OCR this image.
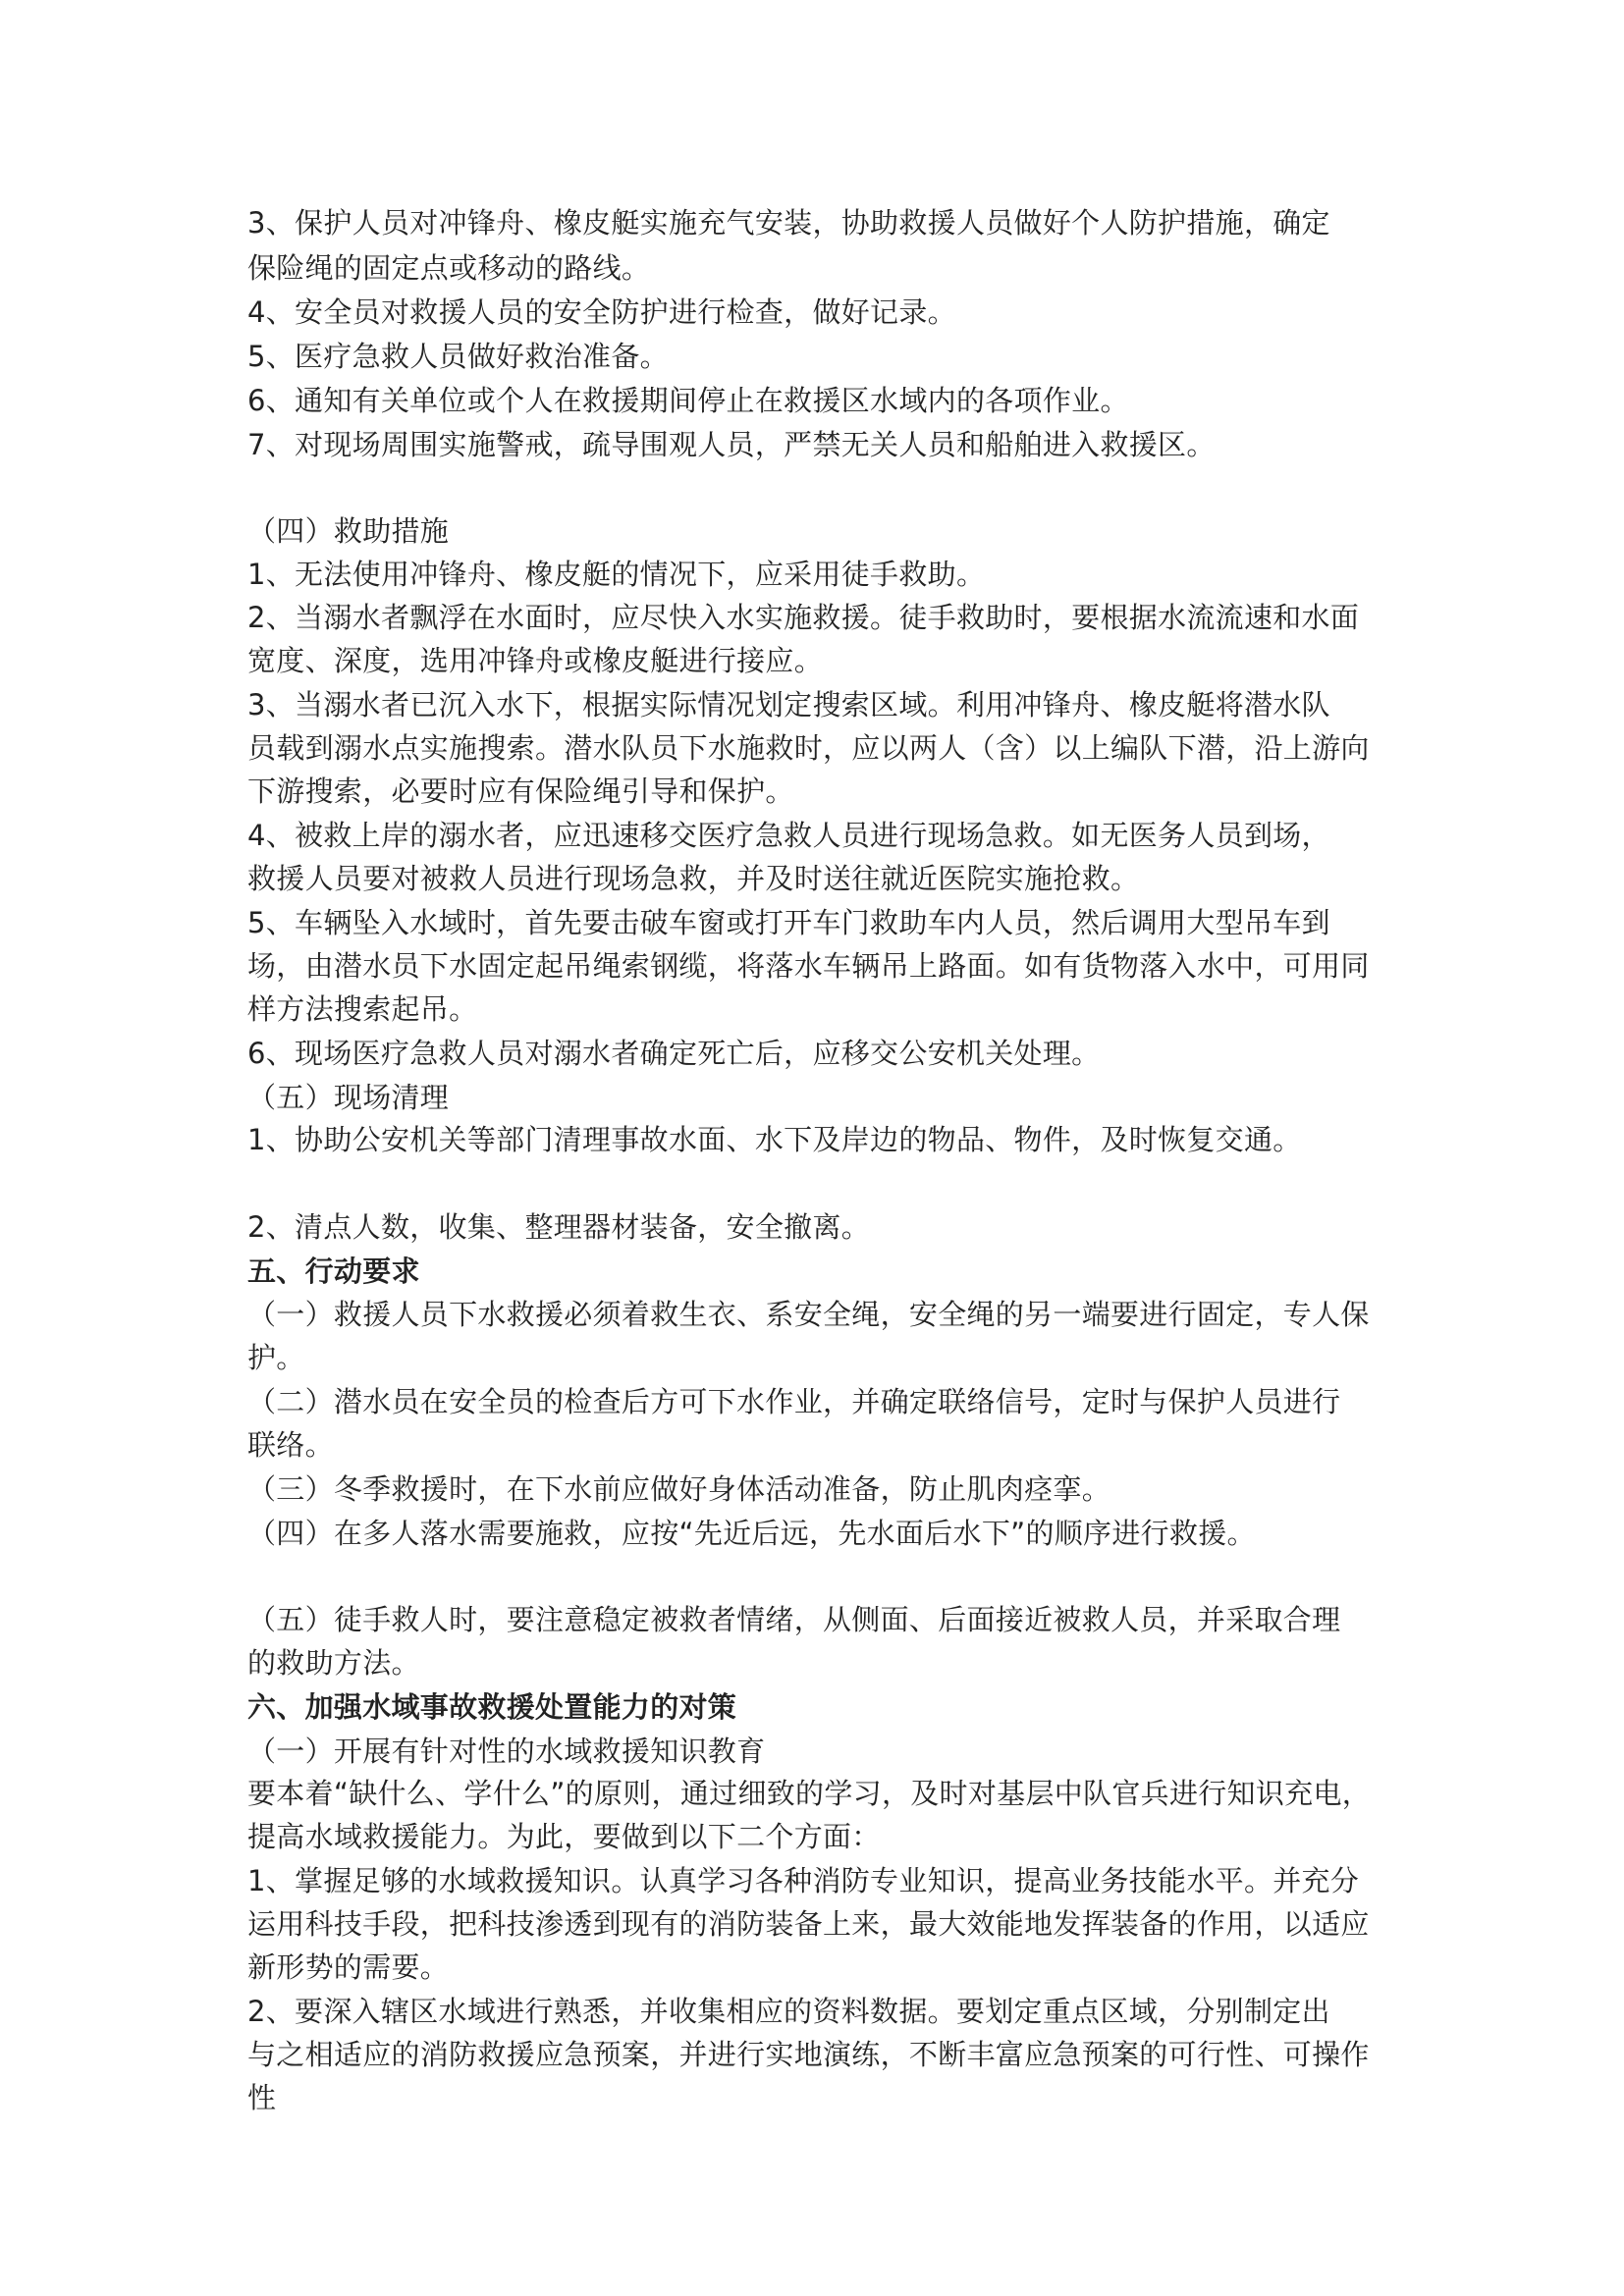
3、保护人员对冲锋舟、橡皮艇实施充气安装，协助救援人员做好个人防护措施，确定

保险绳的固定点或移动的路线。

4、安全员对救援人员的安全防护进行检查，做好记录。

5、医疗急救人员做好救治准备。

6、通知有关单位或个人在救援期间停止在救援区水域内的各项作业。

7、对现场周围实施警戒，疏导围观人员，严禁无关人员和船舶进入救援区。

（四）救助措施

1、无法使用冲锋舟、橡皮艇的情况下，应采用徒手救助。

2、当溺水者飘浮在水面时，应尽快入水实施救援。徒手救助时，要根据水流流速和水面

宽度、深度，选用冲锋舟或橡皮艇进行接应。

3、当溺水者已沉入水下，根据实际情况划定搜索区域。利用冲锋舟、橡皮艇将潜水队

员载到溺水点实施搜索。潜水队员下水施救时，应以两人（含）以上编队下潜，沿上游向

下游搜索，必要时应有保险绳引导和保护。

4、被救上岸的溺水者，应迅速移交医疗急救人员进行现场急救。如无医务人员到场，

救援人员要对被救人员进行现场急救，并及时送往就近医院实施抢救。

5、车辆坠入水域时，首先要击破车窗或打开车门救助车内人员，然后调用大型吊车到

场，由潜水员下水固定起吊绳索钢缆，将落水车辆吊上路面。如有货物落入水中，可用同

样方法搜索起吊。

6、现场医疗急救人员对溺水者确定死亡后，应移交公安机关处理。

（五）现场清理

1、协助公安机关等部门清理事故水面、水下及岸边的物品、物件，及时恢复交通。

2、清点人数，收集、整理器材装备，安全撤离。

五、行动要求

（一）救援人员下水救援必须着救生衣、系安全绳，安全绳的另一端要进行固定，专人保

护。

（二）潜水员在安全员的检查后方可下水作业，并确定联络信号，定时与保护人员进行

联络。

（三）冬季救援时，在下水前应做好身体活动准备，防止肌肉痉挛。

（四）在多人落水需要施救，应按“先近后远，先水面后水下”的顺序进行救援。

（五）徒手救人时，要注意稳定被救者情绪，从侧面、后面接近被救人员，并采取合理

的救助方法。

六、加强水域事故救援处置能力的对策

（一）开展有针对性的水域救援知识教育

要本着“缺什么、学什么”的原则，通过细致的学习，及时对基层中队官兵进行知识充电，

提高水域救援能力。为此，要做到以下二个方面：

1、掌握足够的水域救援知识。认真学习各种消防专业知识，提高业务技能水平。并充分

运用科技手段，把科技渗透到现有的消防装备上来，最大效能地发挥装备的作用，以适应

新形势的需要。

2、要深入辖区水域进行熟悉，并收集相应的资料数据。要划定重点区域，分别制定出

与之相适应的消防救援应急预案，并进行实地演练，不断丰富应急预案的可行性、可操作

性
